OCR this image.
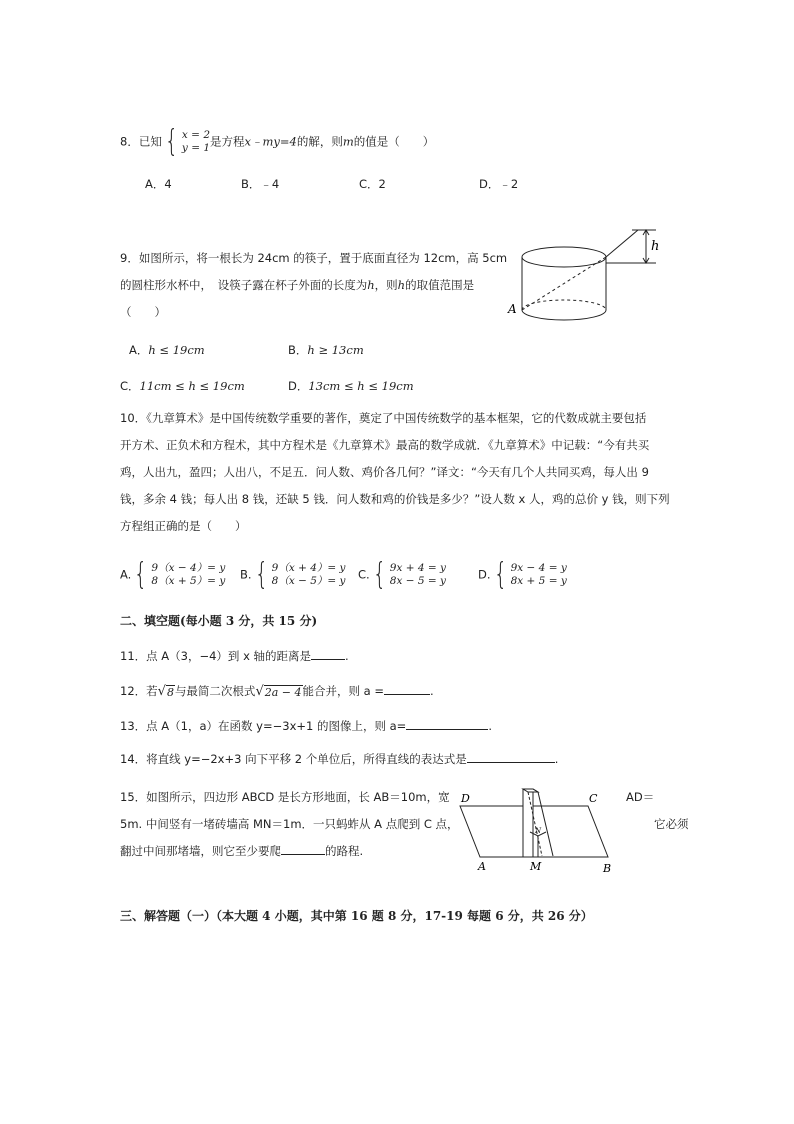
8．已知 { x = 2
y = 1 是方程x﹣my=4的解，则m的值是（　　）
A．4	B．﹣4	C．2	D．﹣2
9．如图所示，将一根长为 24cm 的筷子，置于底面直径为 12cm，高 5cm
的圆柱形水杯中，　设筷子露在杯子外面的长度为h，则h的取值范围是
（　　）
h
A
A．h ≤ 19cm	B．h ≥ 13cm
C．11cm ≤ h ≤ 19cm	D．13cm ≤ h ≤ 19cm
10．《九章算术》是中国传统数学重要的著作，奠定了中国传统数学的基本框架，它的代数成就主要包括
开方术、正负术和方程术，其中方程术是《九章算术》最高的数学成就．《九章算术》中记载：“今有共买
鸡，人出九，盈四；人出八，不足五．问人数、鸡价各几何？”译文：“今天有几个人共同买鸡，每人出 9
钱，多余 4 钱；每人出 8 钱，还缺 5 钱．问人数和鸡的价钱是多少？”设人数 x 人，鸡的总价 y 钱，则下列
方程组正确的是（　　）
A. { 9（x − 4）= y
8（x + 5）= y B. { 9（x + 4）= y
8（x − 5）= y C. { 9x + 4 = y
8x − 5 = y	D. { 9x − 4 = y
8x + 5 = y
二、填空题(每小题 3 分，共 15 分)
11．点 A（3，−4）到 x 轴的距离是	.
12．若 √ 8 与最简二次根式 √ 2a − 4 能合并，则 a =	.
13．点 A（1，a）在函数 y=−3x+1 的图像上，则 a=	.
14．将直线 y=−2x+3 向下平移 2 个单位后，所得直线的表达式是	.
15．如图所示，四边形 ABCD 是长方形地面，长 AB＝10m，宽	AD＝
5m. 中间竖有一堵砖墙高 MN＝1m．一只蚂蚱从 A 点爬到 C 点，	它必须
翻过中间那堵墙，则它至少要爬	的路程.
N
D	C
A	M	B
三、解答题（一）（本大题 4 小题，其中第 16 题 8 分，17-19 每题 6 分，共 26 分）
